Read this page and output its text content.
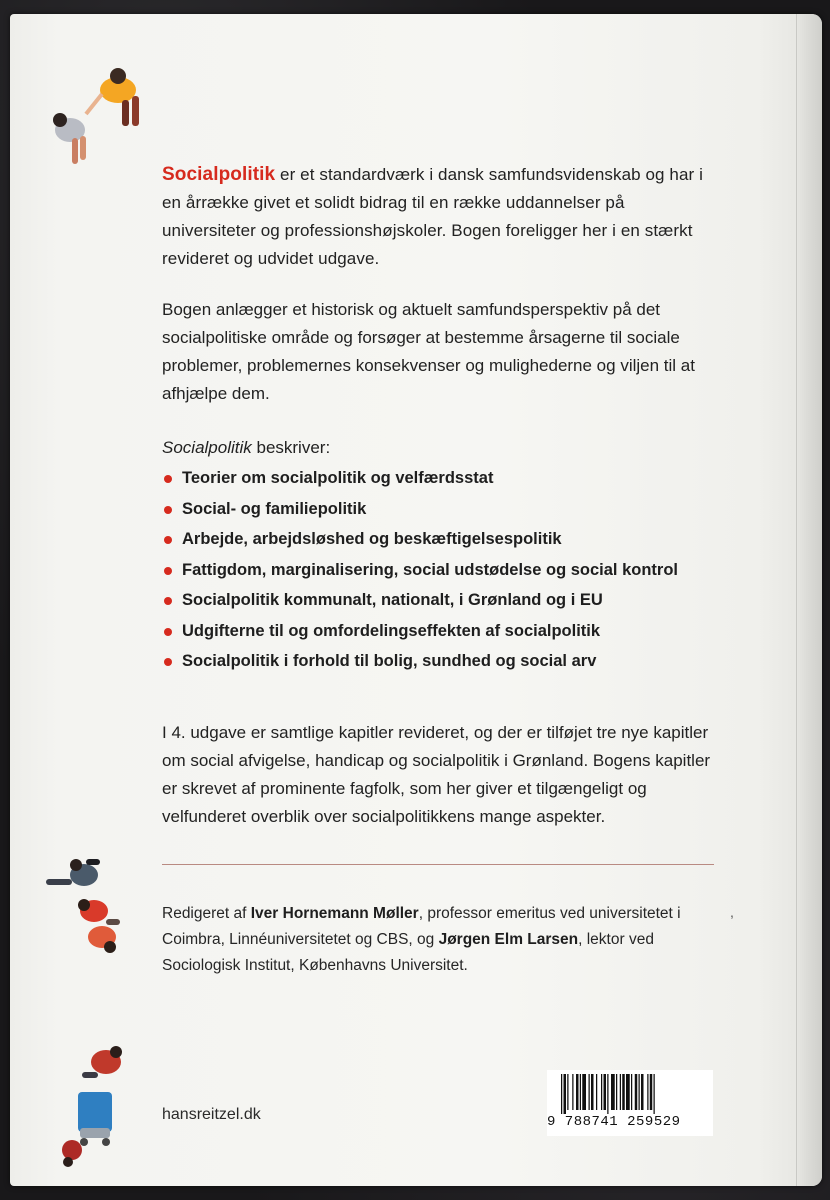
Socialpolitik er et standardværk i dansk samfundsvidenskab og har i en årrække givet et solidt bidrag til en række uddannelser på universiteter og professionshøjskoler. Bogen foreligger her i en stærkt revideret og udvidet udgave.
Bogen anlægger et historisk og aktuelt samfundsperspektiv på det socialpolitiske område og forsøger at bestemme årsagerne til sociale problemer, problemernes konsekvenser og mulighederne og viljen til at afhjælpe dem.
Socialpolitik beskriver:
Teorier om socialpolitik og velfærdsstat
Social- og familiepolitik
Arbejde, arbejdsløshed og beskæftigelsespolitik
Fattigdom, marginalisering, social udstødelse og social kontrol
Socialpolitik kommunalt, nationalt, i Grønland og i EU
Udgifterne til og omfordelingseffekten af socialpolitik
Socialpolitik i forhold til bolig, sundhed og social arv
I 4. udgave er samtlige kapitler revideret, og der er tilføjet tre nye kapitler om social afvigelse, handicap og socialpolitik i Grønland. Bogens kapitler er skrevet af prominente fagfolk, som her giver et tilgængeligt og velfunderet overblik over socialpolitikkens mange aspekter.
Redigeret af Iver Hornemann Møller, professor emeritus ved universitetet i Coimbra, Linnéuniversitetet og CBS, og Jørgen Elm Larsen, lektor ved Sociologisk Institut, Københavns Universitet.
,
hansreitzel.dk	9 788741 259529
